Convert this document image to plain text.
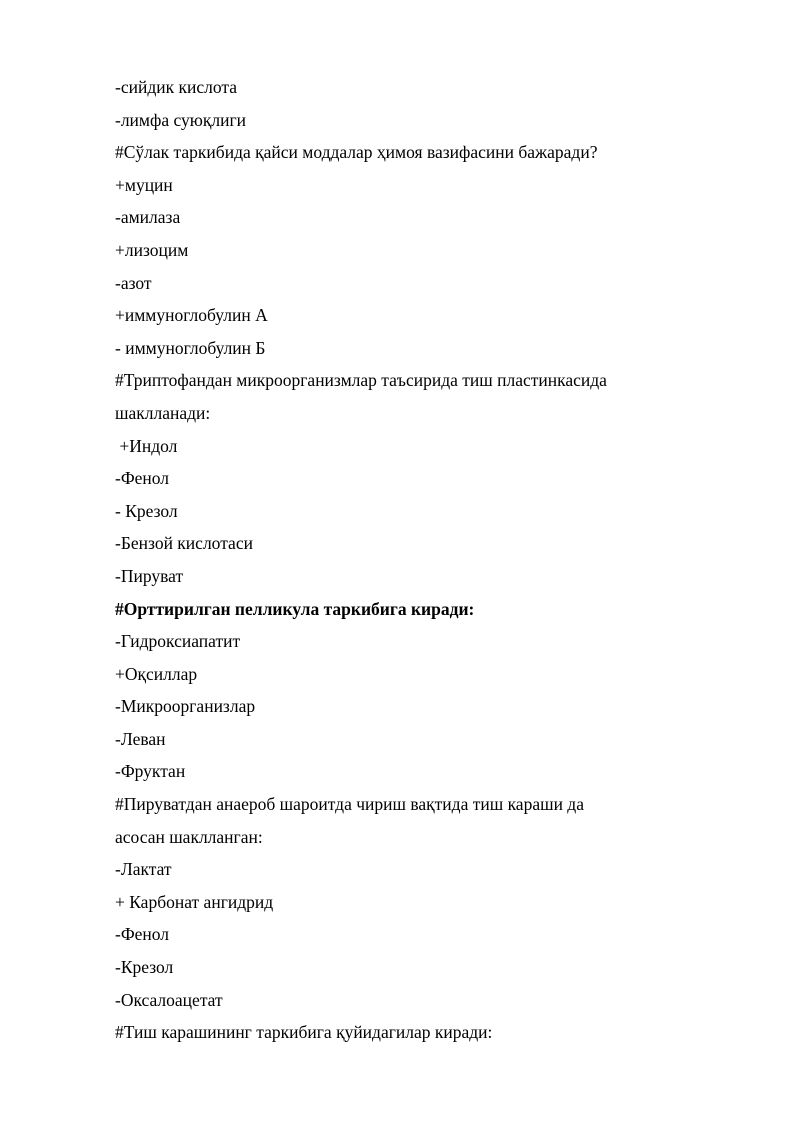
-сийдик кислота
-лимфа суюқлиги
#Сўлак таркибида қайси моддалар ҳимоя вазифасини бажаради?
+муцин
-амилаза
+лизоцим
-азот
+иммуноглобулин А
- иммуноглобулин Б
#Триптофандан микроорганизмлар таъсирида тиш пластинкасида
шаклланади:
+Индол
-Фенол
- Крезол
-Бензой кислотаси
-Пируват
#Орттирилган пелликула таркибига киради:
-Гидроксиапатит
+Оқсиллар
-Микроорганизлар
-Леван
-Фруктан
#Пируватдан анаероб шароитда чириш вақтида тиш караши да
асосан шаклланган:
-Лактат
+ Карбонат ангидрид
-Фенол
-Крезол
-Оксалоацетат
#Тиш карашининг таркибига қуйидагилар киради:
